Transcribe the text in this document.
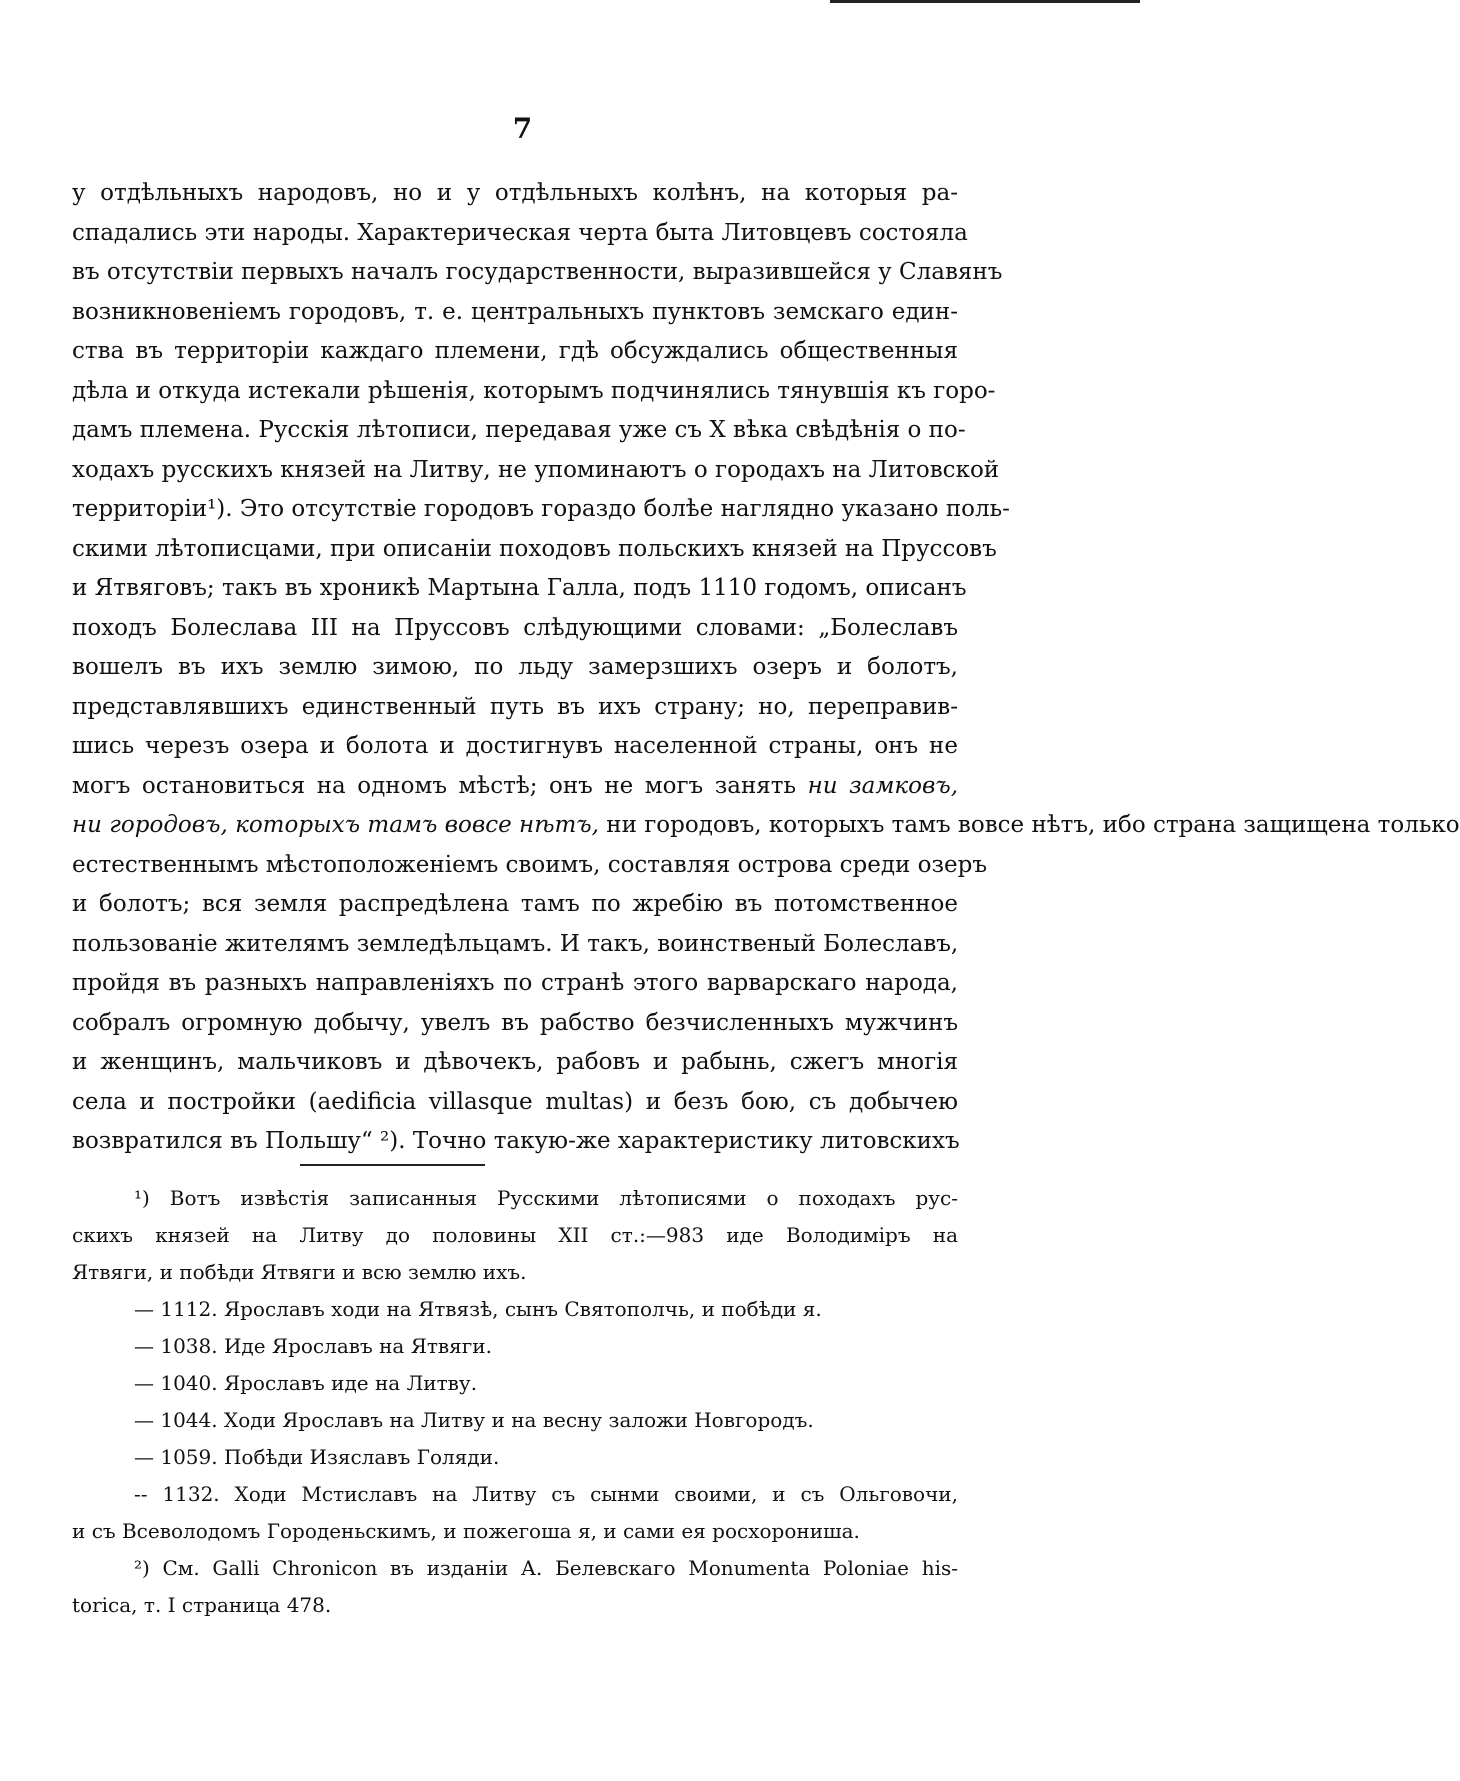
7
у отдѣльныхъ народовъ, но и у отдѣльныхъ колѣнъ, на которыя ра-
спадались эти народы. Характерическая черта быта Литовцевъ состояла
въ отсутствіи первыхъ началъ государственности, выразившейся у Славянъ
возникновеніемъ городовъ, т. е. центральныхъ пунктовъ земскаго един-
ства въ территоріи каждаго племени, гдѣ обсуждались общественныя
дѣла и откуда истекали рѣшенія, которымъ подчинялись тянувшія къ горо-
дамъ племена. Русскія лѣтописи, передавая уже съ X вѣка свѣдѣнія о по-
ходахъ русскихъ князей на Литву, не упоминаютъ о городахъ на Литовской
территоріи¹). Это отсутствіе городовъ гораздо болѣе наглядно указано поль-
скими лѣтописцами, при описаніи походовъ польскихъ князей на Пруссовъ
и Ятвяговъ; такъ въ хроникѣ Мартына Галла, подъ 1110 годомъ, описанъ
походъ Болеслава III на Пруссовъ слѣдующими словами: „Болеславъ
вошелъ въ ихъ землю зимою, по льду замерзшихъ озеръ и болотъ,
представлявшихъ единственный путь въ ихъ страну; но, переправив-
шись черезъ озера и болота и достигнувъ населенной страны, онъ не
могъ остановиться на одномъ мѣстѣ; онъ не могъ занять ни замковъ,
ни городовъ, которыхъ тамъ вовсе нѣтъ, ни городовъ, которыхъ тамъ вовсе нѣтъ, ибо страна защищена только
естественнымъ мѣстоположеніемъ своимъ, составляя острова среди озеръ
и болотъ; вся земля распредѣлена тамъ по жребію въ потомственное
пользованіе жителямъ земледѣльцамъ. И такъ, воинственый Болеславъ,
пройдя въ разныхъ направленіяхъ по странѣ этого варварскаго народа,
собралъ огромную добычу, увелъ въ рабство безчисленныхъ мужчинъ
и женщинъ, мальчиковъ и дѣвочекъ, рабовъ и рабынь, сжегъ многія
села и постройки (aedificia villasque multas) и безъ бою, съ добычею
возвратился въ Польшу“ ²). Точно такую-же характеристику литовскихъ
¹) Вотъ извѣстія записанныя Русскими лѣтописями о походахъ рус-
скихъ князей на Литву до половины XII ст.:—983 иде Володиміръ на
Ятвяги, и побѣди Ятвяги и всю землю ихъ.
— 1112. Ярославъ ходи на Ятвязѣ, сынъ Святополчь, и побѣди я.
— 1038. Иде Ярославъ на Ятвяги.
— 1040. Ярославъ иде на Литву.
— 1044. Ходи Ярославъ на Литву и на весну заложи Новгородъ.
— 1059. Побѣди Изяславъ Голяди.
-- 1132. Ходи Мстиславъ на Литву съ сынми своими, и съ Ольговочи,
и съ Всеволодомъ Городеньскимъ, и пожегоша я, и сами ея росхорониша.
²) См. Galli Chronicon въ изданіи А. Белевскаго Monumenta Poloniae his-
torica, т. I страница 478.
